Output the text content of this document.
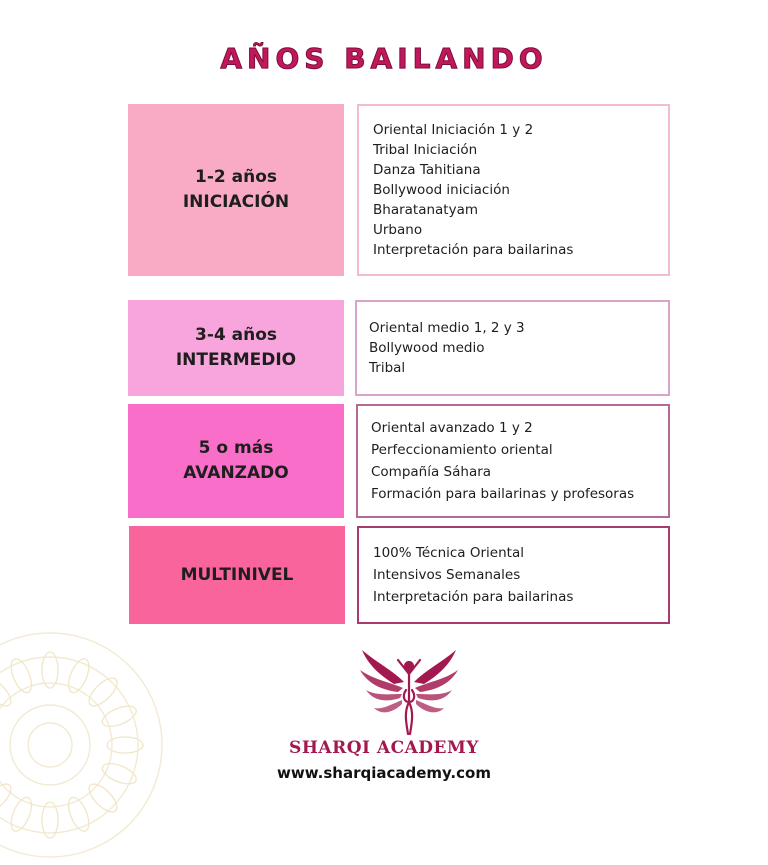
AÑOS BAILANDO
1-2 años
INICIACIÓN
Oriental Iniciación 1 y 2
Tribal Iniciación
Danza Tahitiana
Bollywood iniciación
Bharatanatyam
Urbano
Interpretación para bailarinas
3-4 años
INTERMEDIO
Oriental medio 1, 2 y 3
Bollywood medio
Tribal
5 o más
AVANZADO
Oriental avanzado 1 y 2
Perfeccionamiento oriental
Compañía Sáhara
Formación para bailarinas y profesoras
MULTINIVEL
100% Técnica Oriental
Intensivos Semanales
Interpretación para bailarinas
SHARQI ACADEMY
www.sharqiacademy.com
